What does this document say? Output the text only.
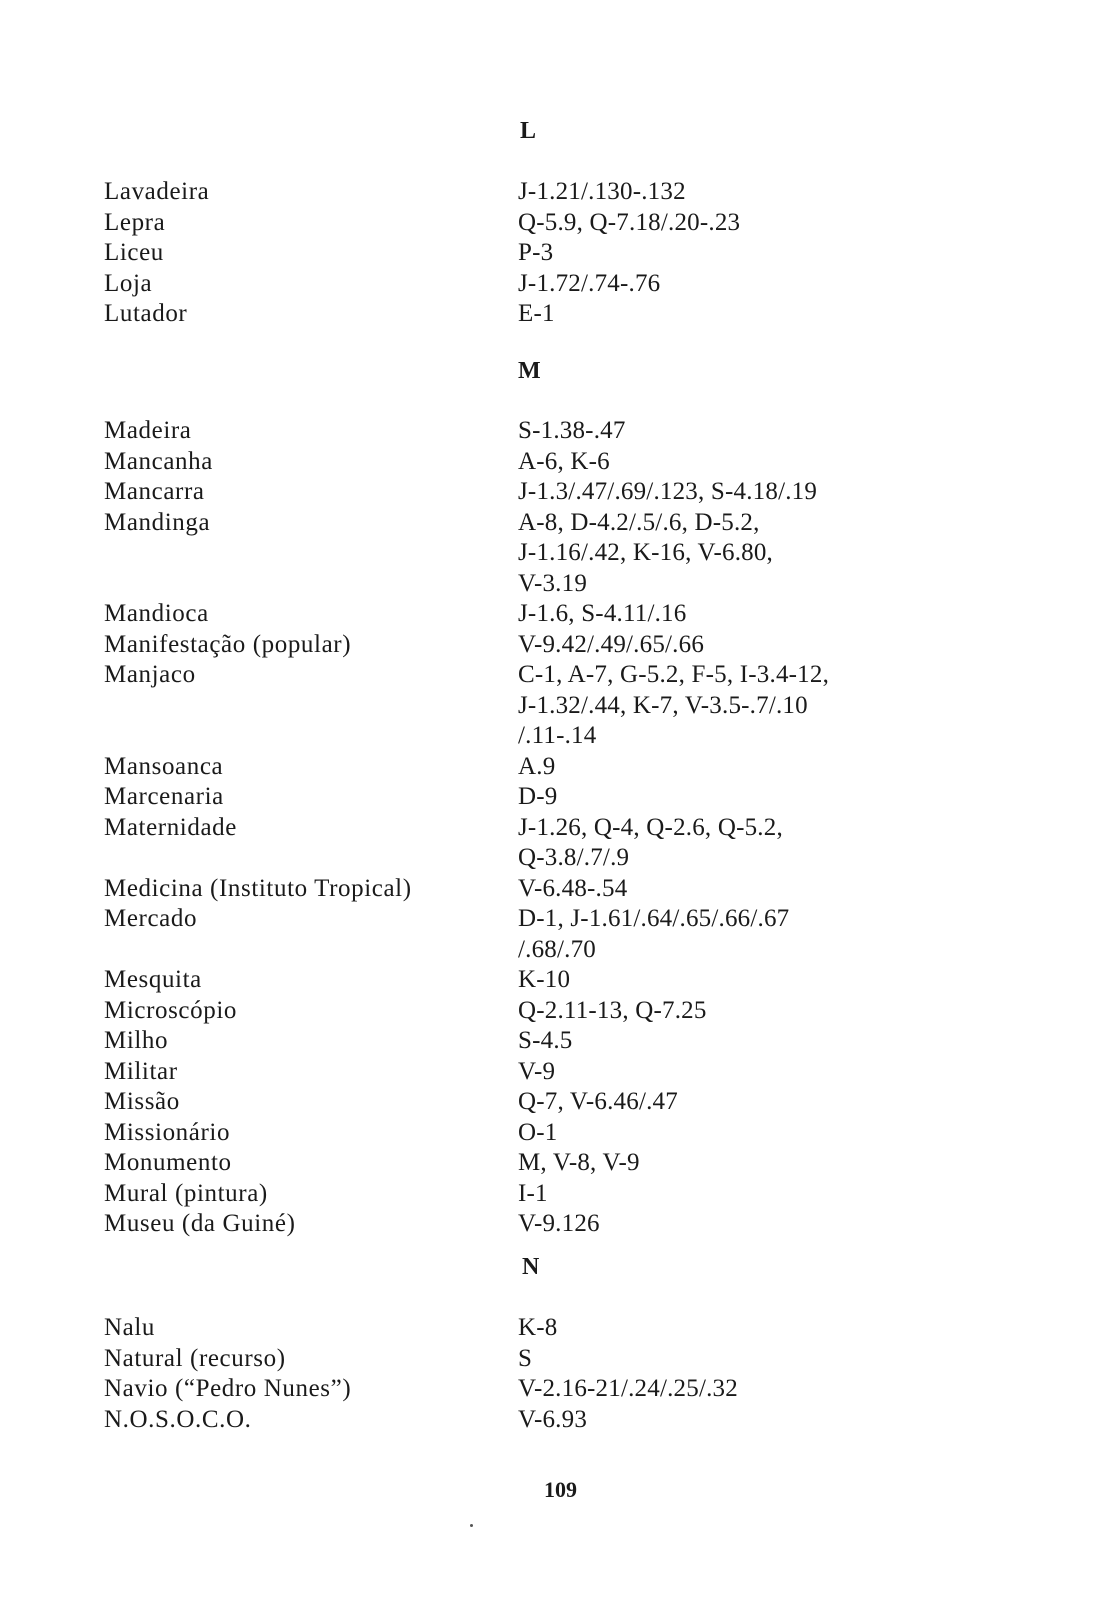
L
Lavadeira	J-1.21/.130-.132
Lepra	Q-5.9, Q-7.18/.20-.23
Liceu	P-3
Loja	J-1.72/.74-.76
Lutador	E-1
M
Madeira	S-1.38-.47
Mancanha	A-6, K-6
Mancarra	J-1.3/.47/.69/.123, S-4.18/.19
Mandinga	A-8, D-4.2/.5/.6, D-5.2,
J-1.16/.42, K-16, V-6.80,
V-3.19
Mandioca	J-1.6, S-4.11/.16
Manifestação (popular)	V-9.42/.49/.65/.66
Manjaco	C-1, A-7, G-5.2, F-5, I-3.4-12,
J-1.32/.44, K-7, V-3.5-.7/.10
/.11-.14
Mansoanca	A.9
Marcenaria	D-9
Maternidade	J-1.26, Q-4, Q-2.6, Q-5.2,
Q-3.8/.7/.9
Medicina (Instituto Tropical)	V-6.48-.54
Mercado	D-1, J-1.61/.64/.65/.66/.67
/.68/.70
Mesquita	K-10
Microscópio	Q-2.11-13, Q-7.25
Milho	S-4.5
Militar	V-9
Missão	Q-7, V-6.46/.47
Missionário	O-1
Monumento	M, V-8, V-9
Mural (pintura)	I-1
Museu (da Guiné)	V-9.126
N
Nalu	K-8
Natural (recurso)	S
Navio (“Pedro Nunes”)	V-2.16-21/.24/.25/.32
N.O.S.O.C.O.	V-6.93
109
